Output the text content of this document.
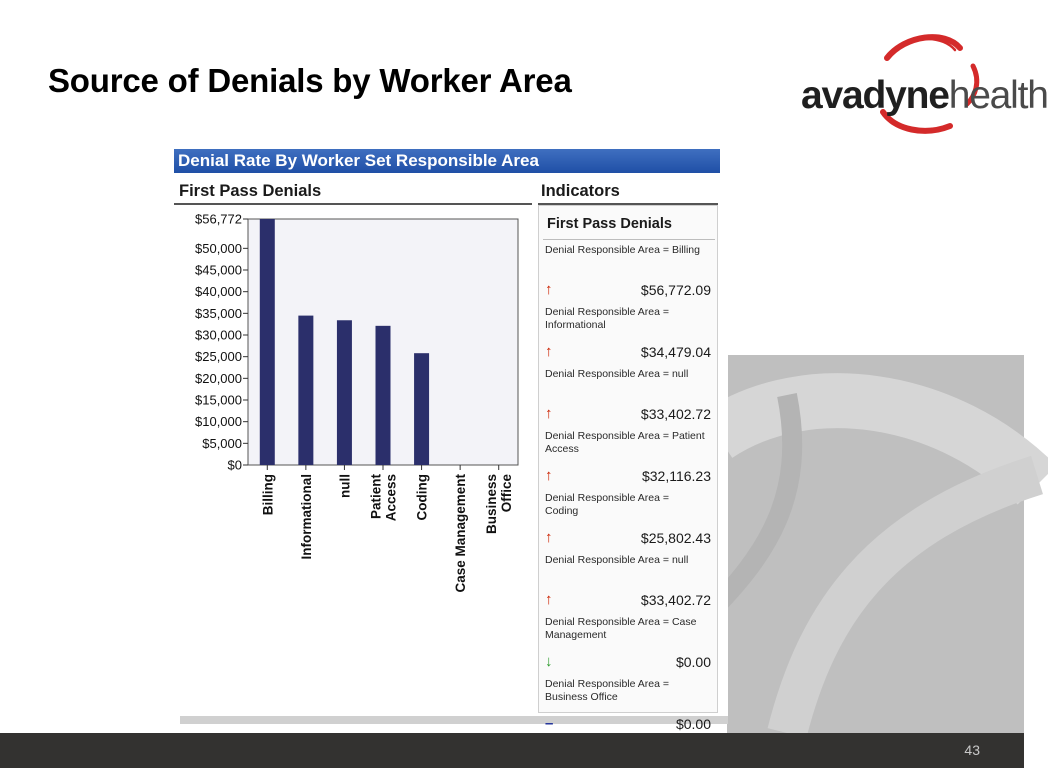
Source of Denials by Worker Area	avadynehealth
Denial Rate By Worker Set Responsible Area
First Pass Denials	Indicators
$0
$5,000
$10,000
$15,000
$20,000
$25,000
$30,000
$35,000
$40,000
$45,000
$50,000
$56,772
Billing Informational null Patient Access Coding Case Management Business Office
First Pass Denials
Denial Responsible Area = Billing
↑	$56,772.09
Denial Responsible Area = Informational
↑	$34,479.04
Denial Responsible Area = null
↑	$33,402.72
Denial Responsible Area = Patient Access
↑	$32,116.23
Denial Responsible Area = Coding
↑	$25,802.43
Denial Responsible Area = null
↑	$33,402.72
Denial Responsible Area = Case Management
↓	$0.00
Denial Responsible Area = Business Office
–	$0.00
43
